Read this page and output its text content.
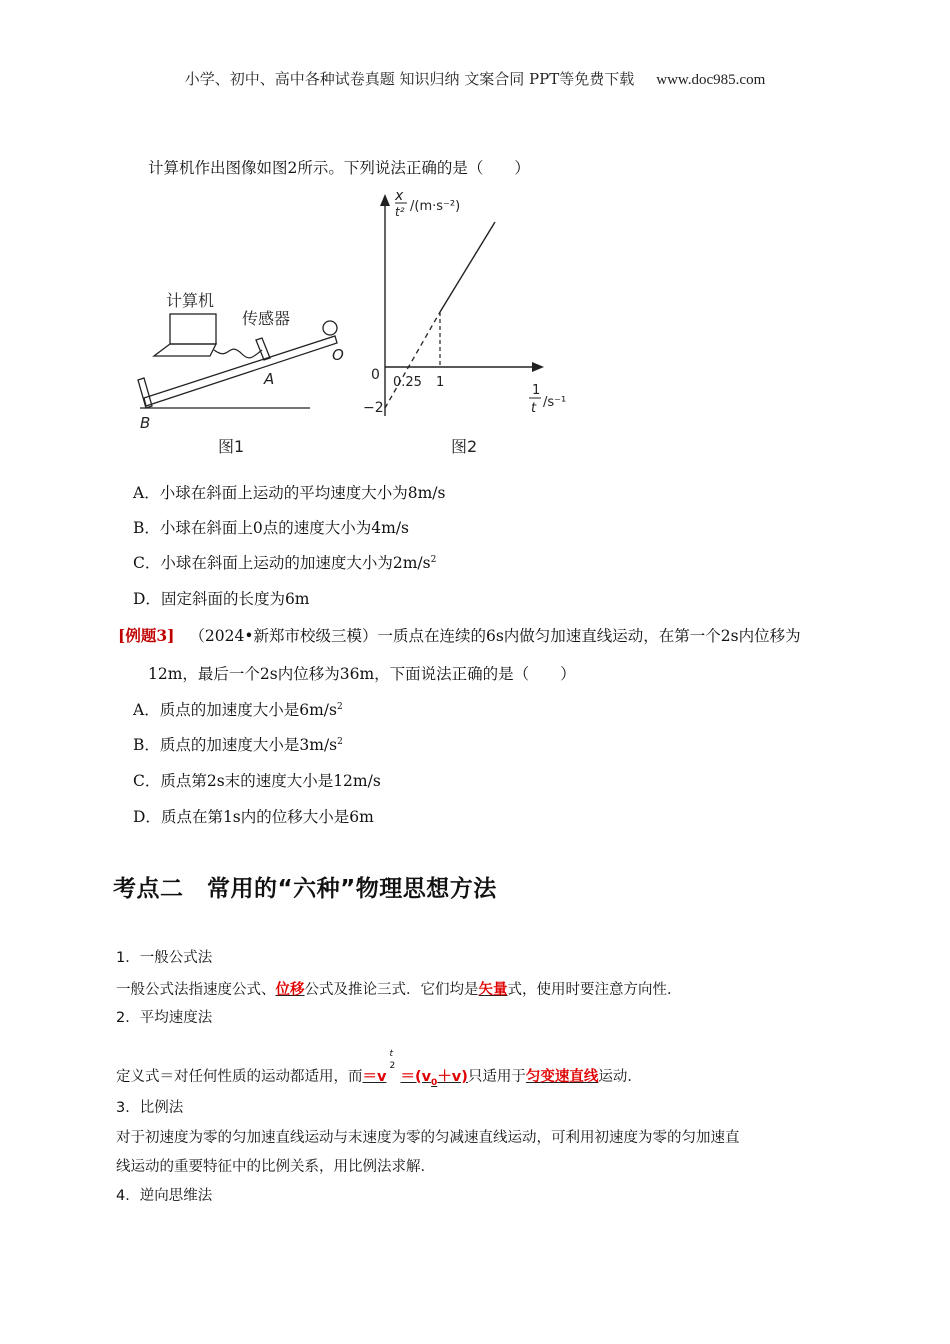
小学、初中、高中各种试卷真题 知识归纳 文案合同 PPT等免费下载 www.doc985.com
计算机作出图像如图2所示。下列说法正确的是（　　）
计算机
传感器
A
O
B
图1
x
t² /(m·s⁻²)
0 0.25 1
−2
1
t /s⁻¹
图2
A．小球在斜面上运动的平均速度大小为8m/s
B．小球在斜面上0点的速度大小为4m/s
C．小球在斜面上运动的加速度大小为$2m/s^2$
D．固定斜面的长度为6m
[例题3] （2024•新郑市校级三模）一质点在连续的6s内做匀加速直线运动，在第一个2s内位移为
12m，最后一个2s内位移为36m，下面说法正确的是（　　）
A．质点的加速度大小是$6m/s^2$
B．质点的加速度大小是$3m/s^2$
C．质点第2s末的速度大小是12m/s
D．质点在第1s内的位移大小是6m
考点二　常用的“六种”物理思想方法
1．一般公式法
一般公式法指速度公式、位移公式及推论三式．它们均是矢量式，使用时要注意方向性．
2．平均速度法
定义式＝对任何性质的运动都适用，而＝v
t
2
$=(v_0+v)$只适用于匀变速直线运动．
3．比例法
对于初速度为零的匀加速直线运动与末速度为零的匀减速直线运动，可利用初速度为零的匀加速直
线运动的重要特征中的比例关系，用比例法求解．
4．逆向思维法
